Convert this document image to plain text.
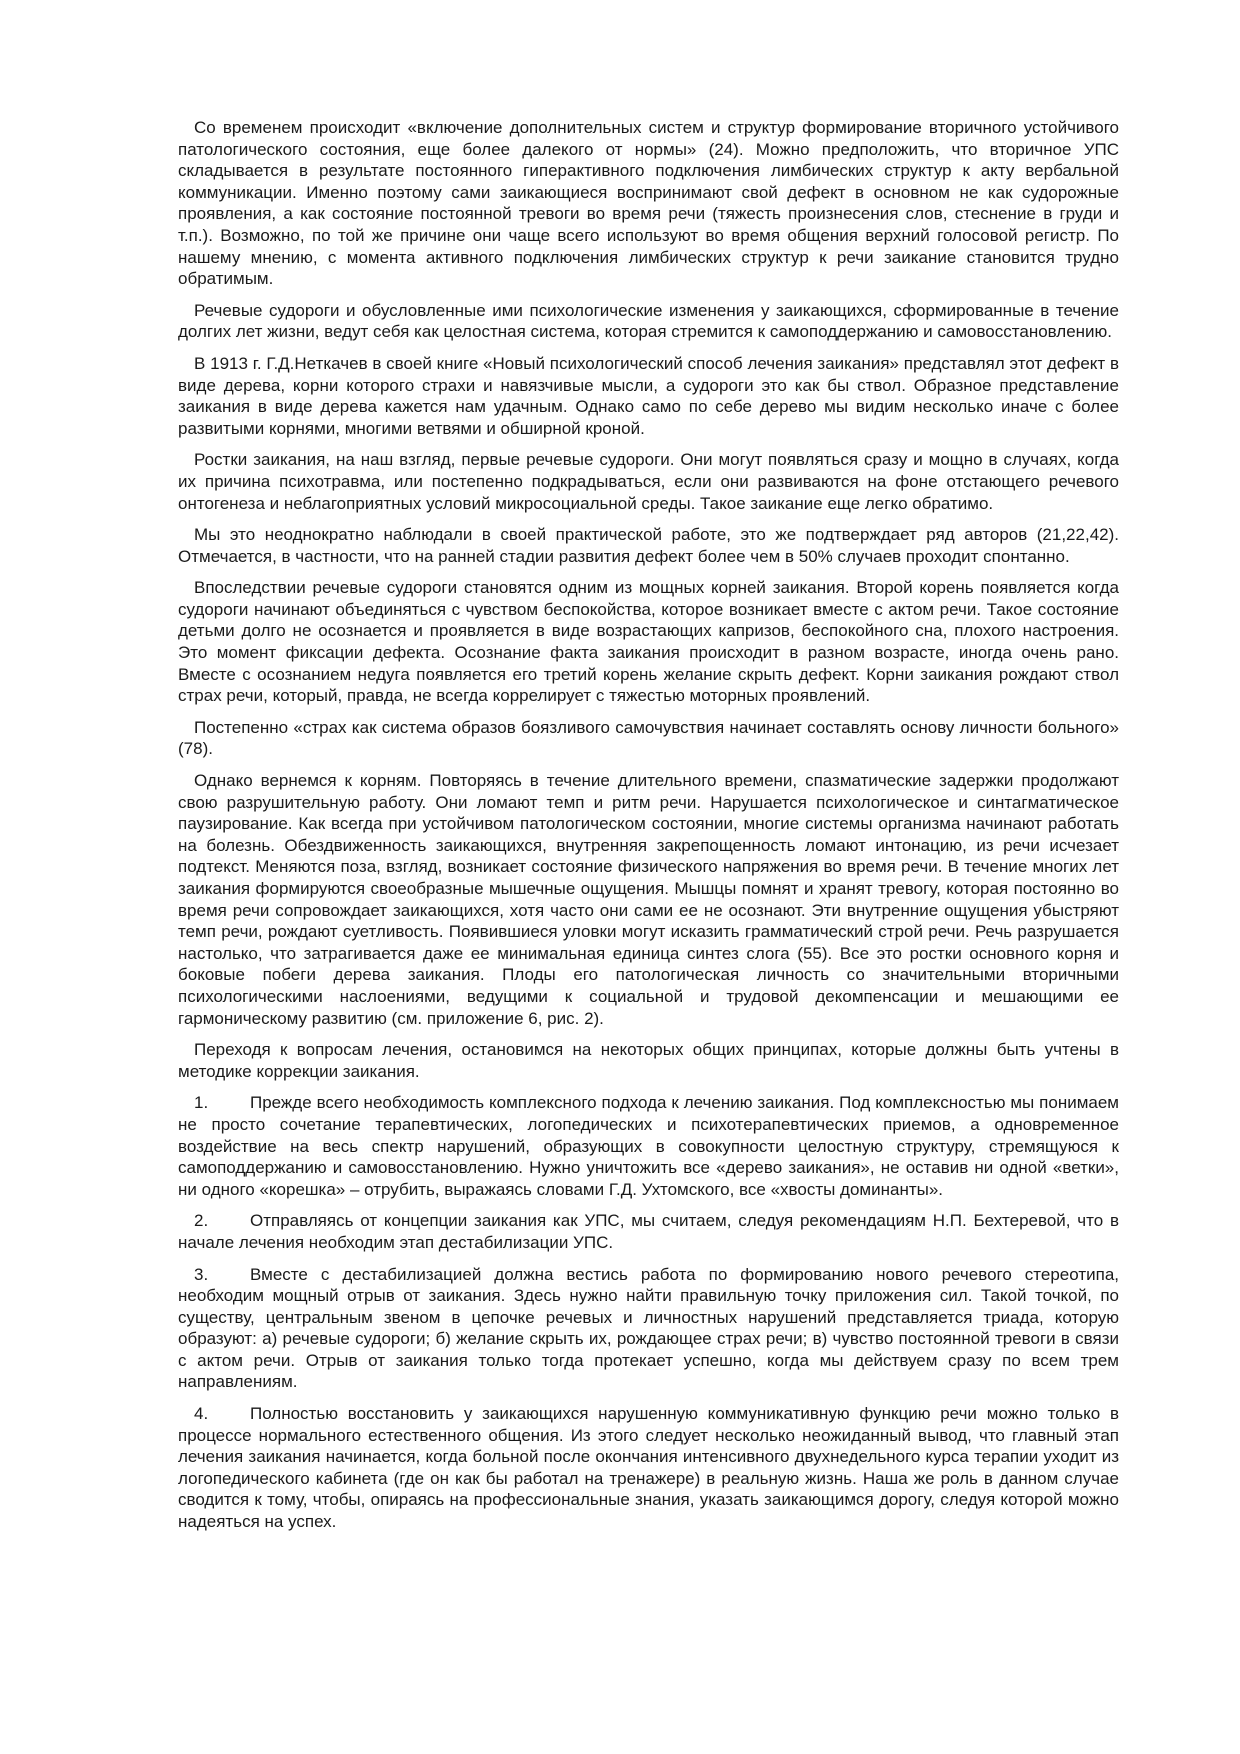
Со временем происходит «включение дополнительных систем и структур формирование вторичного устойчивого патологического состояния, еще более далекого от нормы» (24). Можно предположить, что вторичное УПС складывается в результате постоянного гиперактивного подключения лимбических структур к акту вербальной коммуникации. Именно поэтому сами заикающиеся воспринимают свой дефект в основном не как судорожные проявления, а как состояние постоянной тревоги во время речи (тяжесть произнесения слов, стеснение в груди и т.п.). Возможно, по той же причине они чаще всего используют во время общения верхний голосовой регистр. По нашему мнению, с момента активного подключения лимбических структур к речи заикание становится трудно обратимым.

Речевые судороги и обусловленные ими психологические изменения у заикающихся, сформированные в течение долгих лет жизни, ведут себя как целостная система, которая стремится к самоподдержанию и самовосстановлению.

В 1913 г. Г.Д.Неткачев в своей книге «Новый психологический способ лечения заикания» представлял этот дефект в виде дерева, корни которого страхи и навязчивые мысли, а судороги это как бы ствол. Образное представление заикания в виде дерева кажется нам удачным. Однако само по себе дерево мы видим несколько иначе с более развитыми корнями, многими ветвями и обширной кроной.

Ростки заикания, на наш взгляд, первые речевые судороги. Они могут появляться сразу и мощно в случаях, когда их причина психотравма, или постепенно подкрадываться, если они развиваются на фоне отстающего речевого онтогенеза и неблагоприятных условий микросоциальной среды. Такое заикание еще легко обратимо.

Мы это неоднократно наблюдали в своей практической работе, это же подтверждает ряд авторов (21,22,42). Отмечается, в частности, что на ранней стадии развития дефект более чем в 50% случаев проходит спонтанно.

Впоследствии речевые судороги становятся одним из мощных корней заикания. Второй корень появляется когда судороги начинают объединяться с чувством беспокойства, которое возникает вместе с актом речи. Такое состояние детьми долго не осознается и проявляется в виде возрастающих капризов, беспокойного сна, плохого настроения. Это момент фиксации дефекта. Осознание факта заикания происходит в разном возрасте, иногда очень рано. Вместе с осознанием недуга появляется его третий корень желание скрыть дефект. Корни заикания рождают ствол страх речи, который, правда, не всегда коррелирует с тяжестью моторных проявлений.

Постепенно «страх как система образов боязливого самочувствия начинает составлять основу личности больного» (78).

Однако вернемся к корням. Повторяясь в течение длительного времени, спазматические задержки продолжают свою разрушительную работу. Они ломают темп и ритм речи. Нарушается психологическое и синтагматическое паузирование. Как всегда при устойчивом патологическом состоянии, многие системы организма начинают работать на болезнь. Обездвиженность заикающихся, внутренняя закрепощенность ломают интонацию, из речи исчезает подтекст. Меняются поза, взгляд, возникает состояние физического напряжения во время речи. В течение многих лет заикания формируются своеобразные мышечные ощущения. Мышцы помнят и хранят тревогу, которая постоянно во время речи сопровождает заикающихся, хотя часто они сами ее не осознают. Эти внутренние ощущения убыстряют темп речи, рождают суетливость. Появившиеся уловки могут исказить грамматический строй речи. Речь разрушается настолько, что затрагивается даже ее минимальная единица синтез слога (55). Все это ростки основного корня и боковые побеги дерева заикания. Плоды его патологическая личность со значительными вторичными психологическими наслоениями, ведущими к социальной и трудовой декомпенсации и мешающими ее гармоническому развитию (см. приложение 6, рис. 2).

Переходя к вопросам лечения, остановимся на некоторых общих принципах, которые должны быть учтены в методике коррекции заикания.

1. Прежде всего необходимость комплексного подхода к лечению заикания. Под комплексностью мы понимаем не просто сочетание терапевтических, логопедических и психотерапевтических приемов, а одновременное воздействие на весь спектр нарушений, образующих в совокупности целостную структуру, стремящуюся к самоподдержанию и самовосстановлению. Нужно уничтожить все «дерево заикания», не оставив ни одной «ветки», ни одного «корешка» – отрубить, выражаясь словами Г.Д. Ухтомского, все «хвосты доминанты».

2. Отправляясь от концепции заикания как УПС, мы считаем, следуя рекомендациям Н.П. Бехтеревой, что в начале лечения необходим этап дестабилизации УПС.

3. Вместе с дестабилизацией должна вестись работа по формированию нового речевого стереотипа, необходим мощный отрыв от заикания. Здесь нужно найти правильную точку приложения сил. Такой точкой, по существу, центральным звеном в цепочке речевых и личностных нарушений представляется триада, которую образуют: а) речевые судороги; б) желание скрыть их, рождающее страх речи; в) чувство постоянной тревоги в связи с актом речи. Отрыв от заикания только тогда протекает успешно, когда мы действуем сразу по всем трем направлениям.

4. Полностью восстановить у заикающихся нарушенную коммуникативную функцию речи можно только в процессе нормального естественного общения. Из этого следует несколько неожиданный вывод, что главный этап лечения заикания начинается, когда больной после окончания интенсивного двухнедельного курса терапии уходит из логопедического кабинета (где он как бы работал на тренажере) в реальную жизнь. Наша же роль в данном случае сводится к тому, чтобы, опираясь на профессиональные знания, указать заикающимся дорогу, следуя которой можно надеяться на успех.
